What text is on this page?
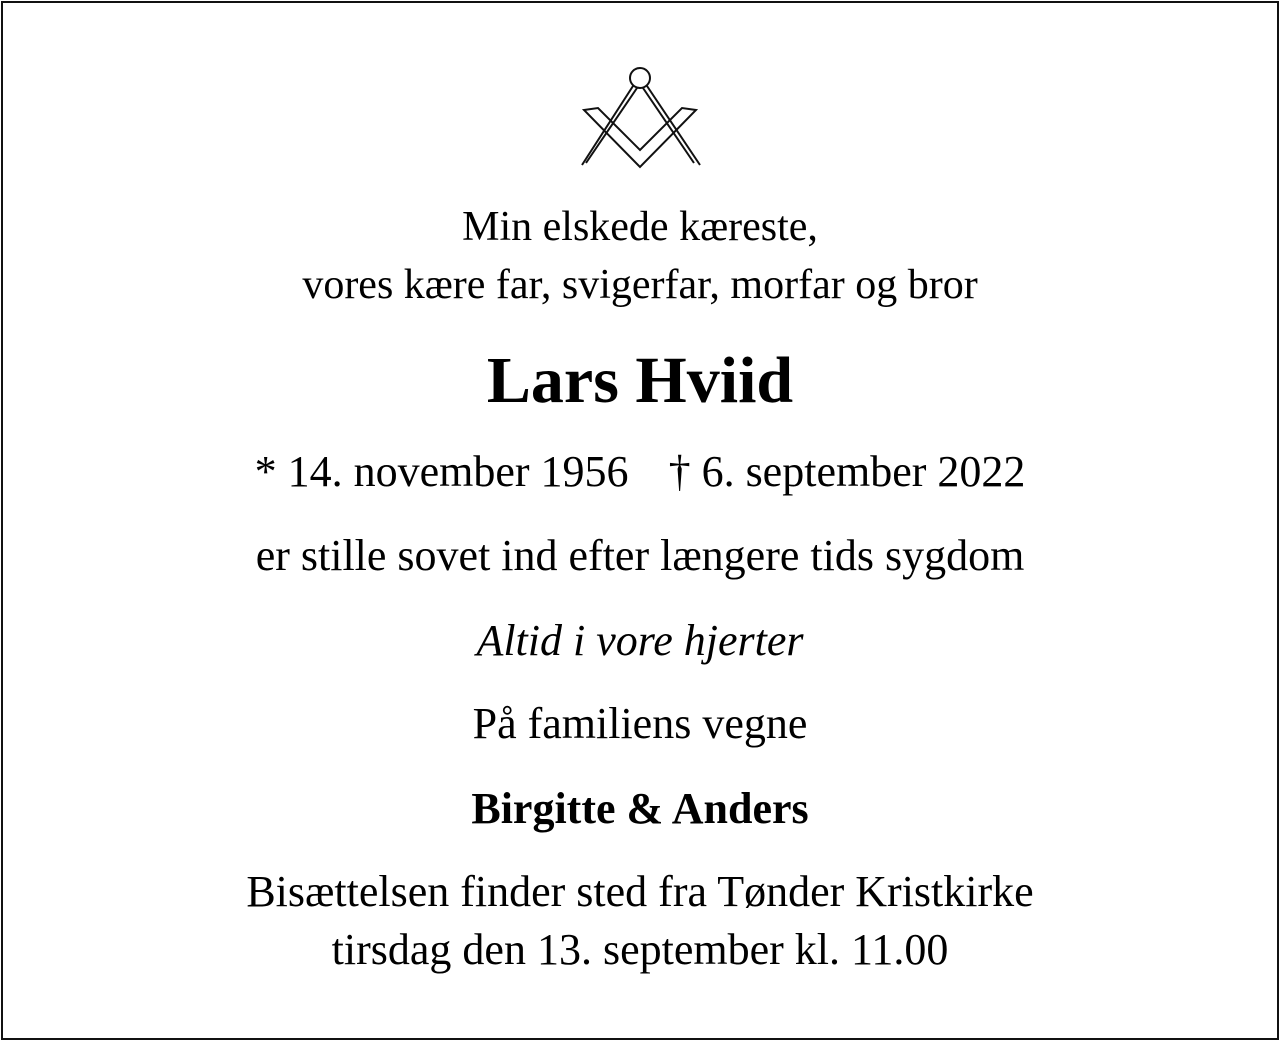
Min elskede kæreste,
vores kære far, svigerfar, morfar og bror
Lars Hviid
* 14. november 1956 † 6. september 2022
er stille sovet ind efter længere tids sygdom
Altid i vore hjerter
På familiens vegne
Birgitte & Anders
Bisættelsen finder sted fra Tønder Kristkirke
tirsdag den 13. september kl. 11.00
